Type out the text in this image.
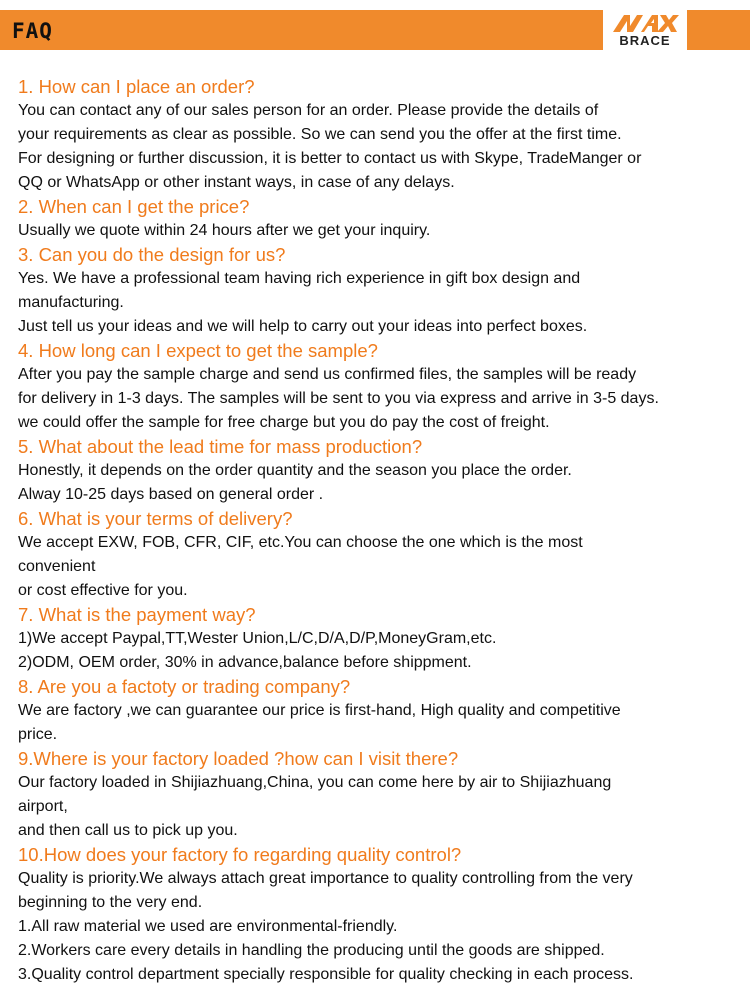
FAQ	BRACE

1. How can I place an order?

You can contact any of our sales person for an order. Please provide the details of

your requirements as clear as possible. So we can send you the offer at the first time.

For designing or further discussion, it is better to contact us with Skype, TradeManger or

QQ or WhatsApp or other instant ways, in case of any delays.

2. When can I get the price?

Usually we quote within 24 hours after we get your inquiry.

3. Can you do the design for us?

Yes. We have a professional team having rich experience in gift box design and

manufacturing.

Just tell us your ideas and we will help to carry out your ideas into perfect boxes.

4. How long can I expect to get the sample?

After you pay the sample charge and send us confirmed files, the samples will be ready

for delivery in 1-3 days. The samples will be sent to you via express and arrive in 3-5 days.

we could offer the sample for free charge but you do pay the cost of freight.

5. What about the lead time for mass production?

Honestly, it depends on the order quantity and the season you place the order.

Alway 10-25 days based on general order .

6. What is your terms of delivery?

We accept EXW, FOB, CFR, CIF, etc.You can choose the one which is the most

convenient

or cost effective for you.

7. What is the payment way?

1)We accept Paypal,TT,Wester Union,L/C,D/A,D/P,MoneyGram,etc.

2)ODM, OEM order, 30% in advance,balance before shippment.

8. Are you a factoty or trading company?

We are factory ,we can guarantee our price is first-hand, High quality and competitive

price.

9.Where is your factory loaded ?how can I visit there?

Our factory loaded in Shijiazhuang,China, you can come here by air to Shijiazhuang

airport,

and then call us to pick up you.

10.How does your factory fo regarding quality control?

Quality is priority.We always attach great importance to quality controlling from the very

beginning to the very end.

1.All raw material we used are environmental-friendly.

2.Workers care every details in handling the producing until the goods are shipped.

3.Quality control department specially responsible for quality checking in each process.
